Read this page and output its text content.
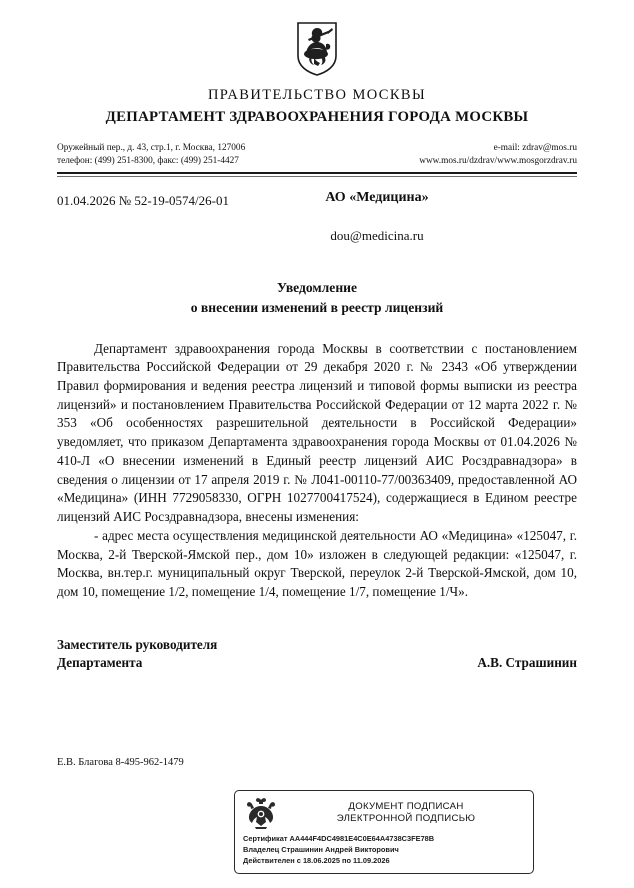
ПРАВИТЕЛЬСТВО МОСКВЫ
ДЕПАРТАМЕНТ ЗДРАВООХРАНЕНИЯ ГОРОДА МОСКВЫ
Оружейный пер., д. 43, стр.1, г. Москва, 127006
телефон: (499) 251-8300, факс: (499) 251-4427
e-mail: zdrav@mos.ru
www.mos.ru/dzdrav/www.mosgorzdrav.ru
01.04.2026 № 52-19-0574/26-01	АО «Медицина»
dou@medicina.ru
Уведомление
о внесении изменений в реестр лицензий

Департамент здравоохранения города Москвы в соответствии с постановлением Правительства Российской Федерации от 29 декабря 2020 г. № 2343 «Об утверждении Правил формирования и ведения реестра лицензий и типовой формы выписки из реестра лицензий» и постановлением Правительства Российской Федерации от 12 марта 2022 г. № 353 «Об особенностях разрешительной деятельности в Российской Федерации» уведомляет, что приказом Департамента здравоохранения города Москвы от 01.04.2026 № 410-Л «О внесении изменений в Единый реестр лицензий АИС Росздравнадзора» в сведения о лицензии от 17 апреля 2019 г. № Л041-00110-77/00363409, предоставленной АО «Медицина» (ИНН 7729058330, ОГРН 1027700417524), содержащиеся в Едином реестре лицензий АИС Росздравнадзора, внесены изменения:

- адрес места осуществления медицинской деятельности АО «Медицина» «125047, г. Москва, 2-й Тверской-Ямской пер., дом 10» изложен в следующей редакции: «125047, г. Москва, вн.тер.г. муниципальный округ Тверской, переулок 2-й Тверской-Ямской, дом 10, дом 10, помещение 1/2, помещение 1/4, помещение 1/7, помещение 1/Ч».

Заместитель руководителя
Департамента	А.В. Страшинин
Е.В. Благова 8-495-962-1479
ДОКУМЕНТ ПОДПИСАН
ЭЛЕКТРОННОЙ ПОДПИСЬЮ
Сертификат AA444F4DC4981E4C0E64A4738C3FE78B
Владелец Страшинин Андрей Викторович
Действителен с 18.06.2025 по 11.09.2026
